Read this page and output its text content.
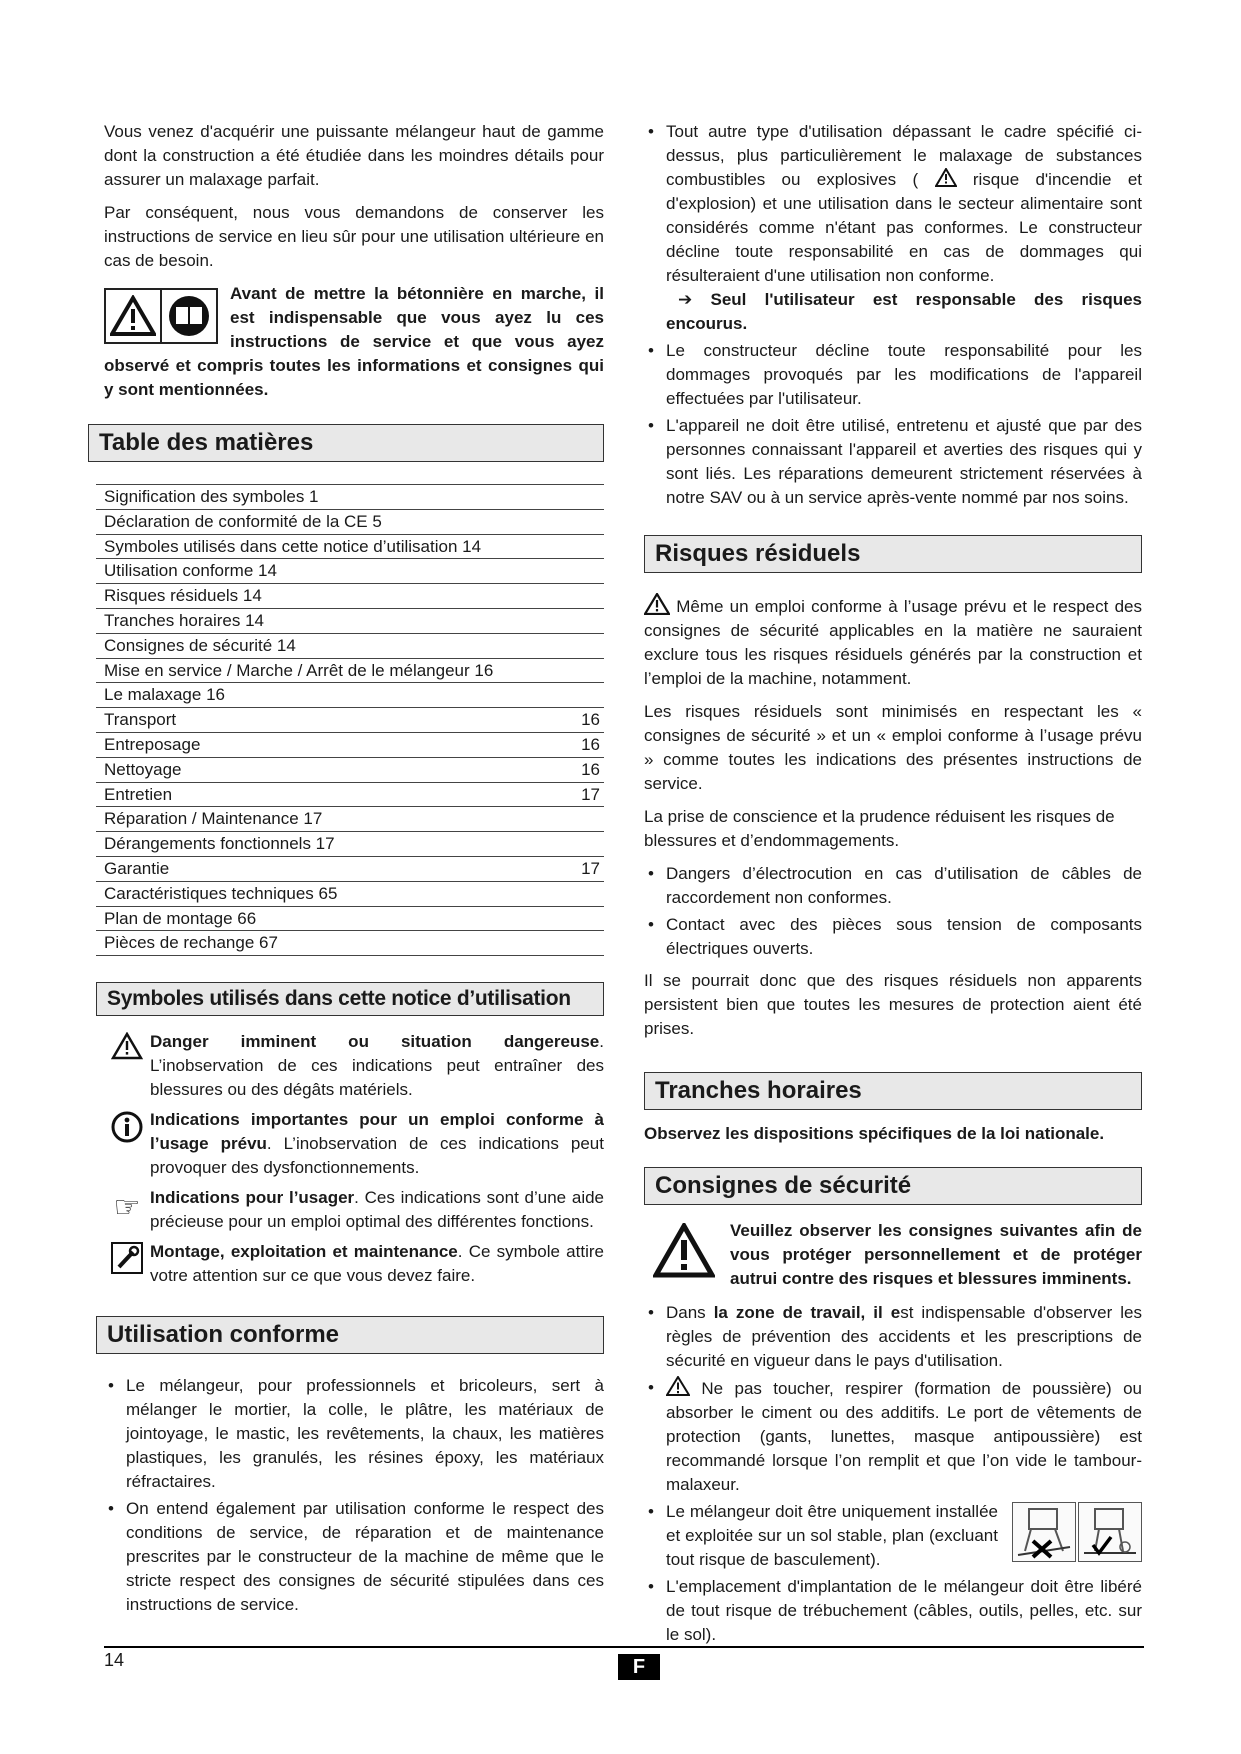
Vous venez d'acquérir une puissante mélangeur haut de gamme dont la construction a été étudiée dans les moindres détails pour assurer un malaxage parfait.

Par conséquent, nous vous demandons de conserver les instructions de service en lieu sûr pour une utilisation ultérieure en cas de besoin.

Avant de mettre la bétonnière en marche, il est indispensable que vous ayez lu ces instructions de service et que vous ayez observé et compris toutes les informations et consignes qui y sont mentionnées.

Table des matières
Signification des symboles 1
Déclaration de conformité de la CE 5
Symboles utilisés dans cette notice d’utilisation 14
Utilisation conforme 14
Risques résiduels 14
Tranches horaires 14
Consignes de sécurité 14
Mise en service / Marche / Arrêt de le mélangeur 16
Le malaxage 16
Transport	16
Entreposage	16
Nettoyage	16
Entretien	17
Réparation / Maintenance 17
Dérangements fonctionnels 17
Garantie	17
Caractéristiques techniques 65
Plan de montage 66
Pièces de rechange 67
Symboles utilisés dans cette notice d’utilisation

Danger imminent ou situation dangereuse. L’inobservation de ces indications peut entraîner des blessures ou des dégâts matériels.

Indications importantes pour un emploi conforme à l’usage prévu. L’inobservation de ces indications peut provoquer des dysfonctionnements.

☞ Indications pour l’usager. Ces indications sont d’une aide précieuse pour un emploi optimal des différentes fonctions.

Montage, exploitation et maintenance. Ce symbole attire votre attention sur ce que vous devez faire.

Utilisation conforme
• Le mélangeur, pour professionnels et bricoleurs, sert à mélanger le mortier, la colle, le plâtre, les matériaux de jointoyage, le mastic, les revêtements, la chaux, les matières plastiques, les granulés, les résines époxy, les matériaux réfractaires.
• On entend également par utilisation conforme le respect des conditions de service, de réparation et de maintenance prescrites par le constructeur de la machine de même que le stricte respect des consignes de sécurité stipulées dans ces instructions de service.
• Tout autre type d'utilisation dépassant le cadre spécifié ci-dessus, plus particulièrement le malaxage de substances combustibles ou explosives (	risque d'incendie et d'explosion) et une utilisation dans le secteur alimentaire sont considérés comme n'étant pas conformes. Le constructeur décline toute responsabilité en cas de dommages qui résulteraient d'une utilisation non conforme.

➔ Seul l'utilisateur est responsable des risques encourus.

• Le constructeur décline toute responsabilité pour les dommages provoqués par les modifications de l'appareil effectuées par l'utilisateur.
• L'appareil ne doit être utilisé, entretenu et ajusté que par des personnes connaissant l'appareil et averties des risques qui y sont liés. Les réparations demeurent strictement réservées à notre SAV ou à un service après-vente nommé par nos soins.
Risques résiduels

Même un emploi conforme à l’usage prévu et le respect des consignes de sécurité applicables en la matière ne sauraient exclure tous les risques résiduels générés par la construction et l’emploi de la machine, notamment.

Les risques résiduels sont minimisés en respectant les « consignes de sécurité » et un « emploi conforme à l’usage prévu » comme toutes les indications des présentes instructions de service.

La prise de conscience et la prudence réduisent les risques de blessures et d’endommagements.

• Dangers d’électrocution en cas d’utilisation de câbles de raccordement non conformes.
• Contact avec des pièces sous tension de composants électriques ouverts.

Il se pourrait donc que des risques résiduels non apparents persistent bien que toutes les mesures de protection aient été prises.

Tranches horaires

Observez les dispositions spécifiques de la loi nationale.

Consignes de sécurité

Veuillez observer les consignes suivantes afin de vous protéger personnellement et de protéger autrui contre des risques et blessures imminents.

• Dans la zone de travail, il est indispensable d'observer les règles de prévention des accidents et les prescriptions de sécurité en vigueur dans le pays d'utilisation.
• Ne pas toucher, respirer (formation de poussière) ou absorber le ciment ou des additifs. Le port de vêtements de protection (gants, lunettes, masque antipoussière) est recommandé lorsque l’on remplit et que l’on vide le tambour-malaxeur.
• Le mélangeur doit être uniquement installée et exploitée sur un sol stable, plan (excluant tout risque de basculement).
• L'emplacement d'implantation de le mélangeur doit être libéré de tout risque de trébuchement (câbles, outils, pelles, etc. sur le sol).
14	F
